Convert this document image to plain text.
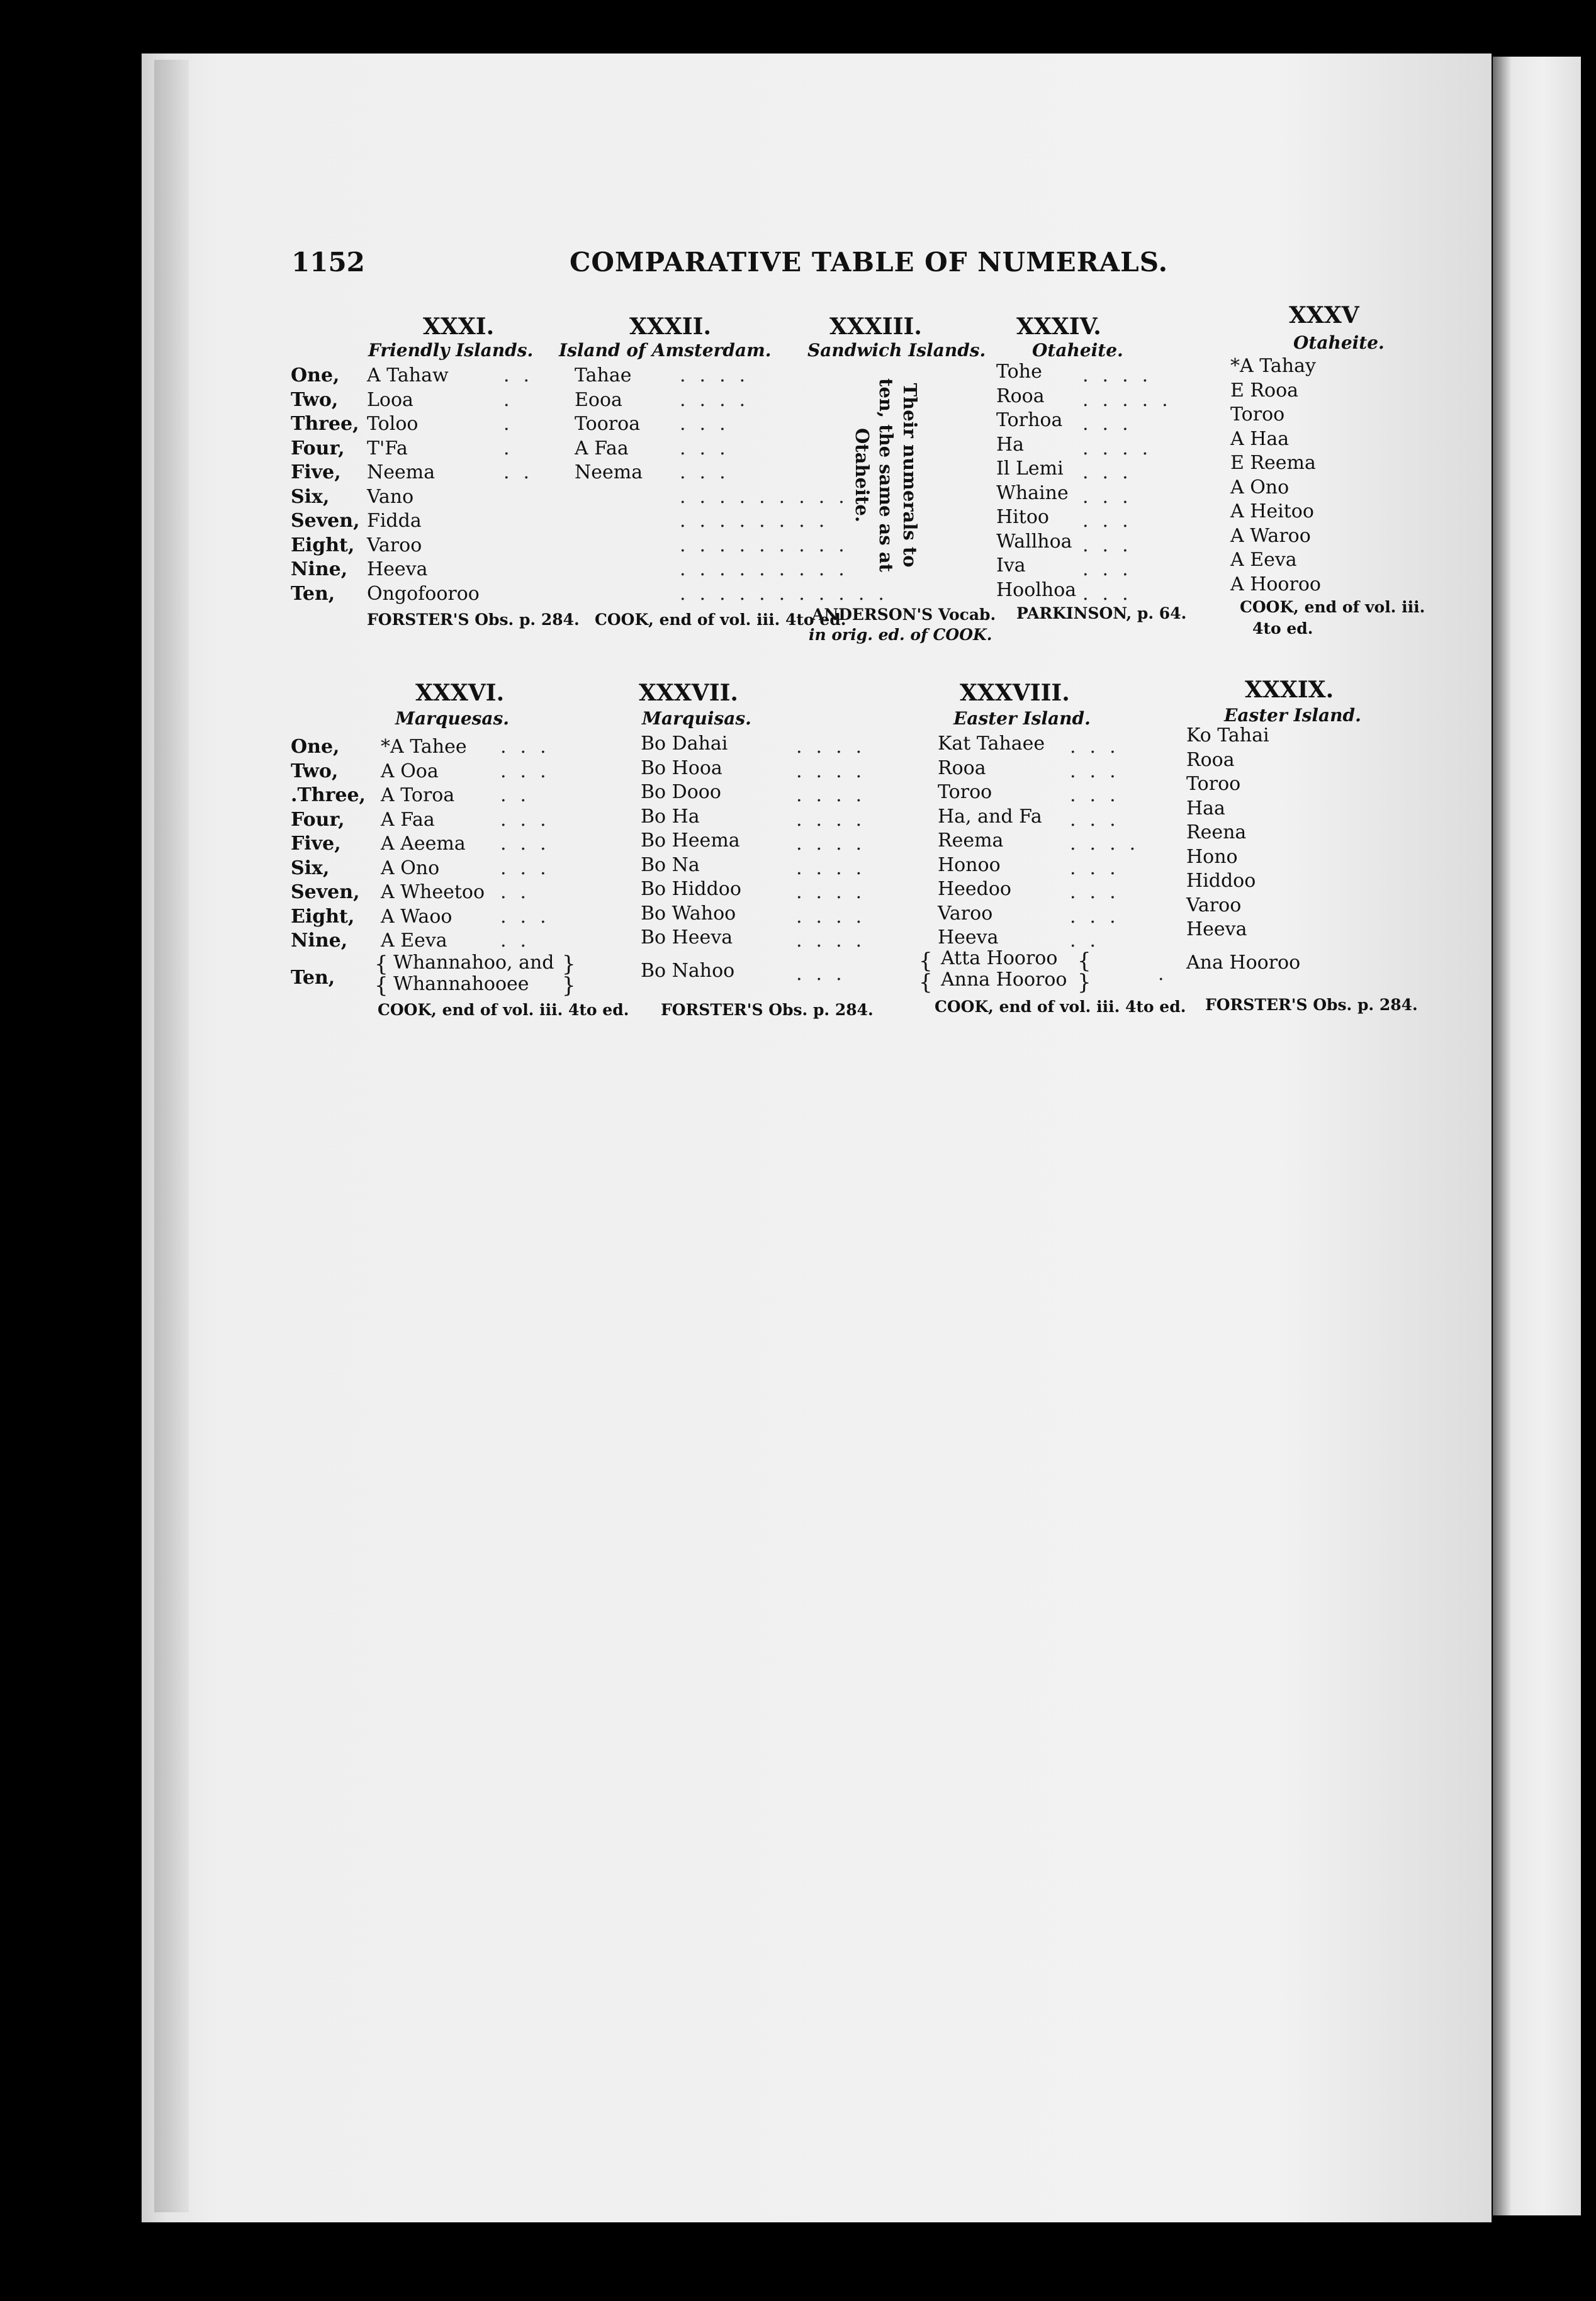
1152	COMPARATIVE TABLE OF NUMERALS.
XXXI.
Friendly Islands.
XXXII.
Island of Amsterdam.
XXXIII.
Sandwich Islands.
XXXIV.
Otaheite.
XXXV
Otaheite.
One,
Two,
Three,
Four,
Five,
Six,
Seven,
Eight,
Nine,
Ten,
A Tahaw
Looa
Toloo
T'Fa
Neema
Vano
Fidda
Varoo
Heeva
Ongofooroo
FORSTER'S Obs. p. 284.
Tahae
Eooa
Tooroa
A Faa
Neema
COOK, end of vol. iii. 4to ed.
..
.
.
.
..
....
....
...
...
...
.........
........
.........
.........
...........
....
.....
...
....
...
...
...
...
...
...
Their numerals to ten, the same as at Otaheite.
ANDERSON'S Vocab.
in orig. ed. of COOK.
Tohe
Rooa
Torhoa
Ha
Il Lemi
Whaine
Hitoo
Wallhoa
Iva
Hoolhoa
PARKINSON, p. 64.
*A Tahay
E Rooa
Toroo
A Haa
E Reema
A Ono
A Heitoo
A Waroo
A Eeva
A Hooroo
COOK, end of vol. iii.
4to ed.
XXXVI.
Marquesas.
XXXVII.
Marquisas.
XXXVIII.
Easter Island.
XXXIX.
Easter Island.
One,
Two,
.Three,
Four,
Five,
Six,
Seven,
Eight,
Nine,
Ten,
*A Tahee
A Ooa
A Toroa
A Faa
A Aeema
A Ono
A Wheetoo
A Waoo
A Eeva
{
{
Whannahoo, and
Whannahooee
}
}
COOK, end of vol. iii. 4to ed.
...
...
..
...
...
...
..
...
..
Bo Dahai
Bo Hooa
Bo Dooo
Bo Ha
Bo Heema
Bo Na
Bo Hiddoo
Bo Wahoo
Bo Heeva
Bo Nahoo
FORSTER'S Obs. p. 284.
....
....
....
....
....
....
....
....
....
...
Kat Tahaee
Rooa
Toroo
Ha, and Fa
Reema
Honoo
Heedoo
Varoo
Heeva
{
{
Atta Hooroo
Anna Hooroo
{
}
COOK, end of vol. iii. 4to ed.
...
...
...
...
....
...
...
...
..
.
Ko Tahai
Rooa
Toroo
Haa
Reena
Hono
Hiddoo
Varoo
Heeva
Ana Hooroo
FORSTER'S Obs. p. 284.
